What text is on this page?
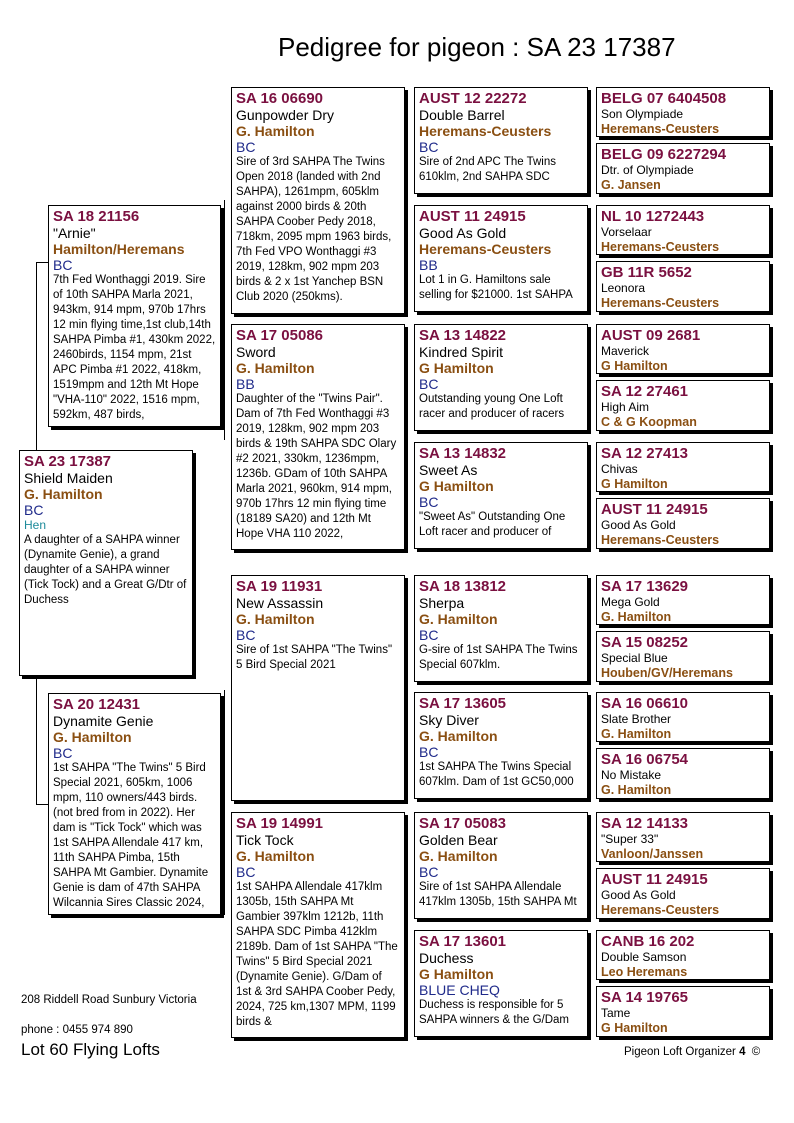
Pedigree for pigeon : SA 23 17387
SA 23 17387
Shield Maiden
G. Hamilton
BC
Hen
A daughter of a SAHPA winner (Dynamite Genie), a grand daughter of a SAHPA winner (Tick Tock) and a Great G/Dtr of Duchess
SA 18 21156
"Arnie"
Hamilton/Heremans
BC
7th Fed Wonthaggi 2019. Sire of 10th SAHPA Marla 2021, 943km, 914 mpm, 970b 17hrs 12 min flying time,1st club,14th SAHPA Pimba #1, 430km 2022, 2460birds, 1154 mpm, 21st APC Pimba #1 2022, 418km, 1519mpm and 12th Mt Hope "VHA-110" 2022, 1516 mpm, 592km, 487 birds,
SA 20 12431
Dynamite Genie
G. Hamilton
BC
1st SAHPA "The Twins" 5 Bird Special 2021, 605km, 1006 mpm, 110 owners/443 birds. (not bred from in 2022). Her dam is "Tick Tock" which was 1st SAHPA Allendale 417 km, 11th SAHPA Pimba, 15th SAHPA Mt Gambier. Dynamite Genie is dam of 47th SAHPA Wilcannia Sires Classic 2024,
SA 16 06690
Gunpowder Dry
G. Hamilton
BC
Sire of 3rd SAHPA The Twins Open 2018 (landed with 2nd SAHPA), 1261mpm, 605klm against 2000 birds & 20th SAHPA Coober Pedy 2018, 718km, 2095 mpm 1963 birds, 7th Fed VPO Wonthaggi #3 2019, 128km, 902 mpm 203 birds & 2 x 1st Yanchep BSN Club 2020 (250kms).
SA 17 05086
Sword
G. Hamilton
BB
Daughter of the "Twins Pair". Dam of 7th Fed Wonthaggi #3 2019, 128km, 902 mpm 203 birds & 19th SAHPA SDC Olary #2 2021, 330km, 1236mpm, 1236b. GDam of 10th SAHPA Marla 2021, 960km, 914 mpm, 970b 17hrs 12 min flying time (18189 SA20) and 12th Mt Hope VHA 110 2022,
SA 19 11931
New Assassin
G. Hamilton
BC
Sire of 1st SAHPA "The Twins" 5 Bird Special 2021
SA 19 14991
Tick Tock
G. Hamilton
BC
1st SAHPA Allendale 417klm 1305b, 15th SAHPA Mt Gambier 397klm 1212b, 11th SAHPA SDC Pimba 412klm 2189b. Dam of 1st SAHPA "The Twins" 5 Bird Special 2021 (Dynamite Genie). G/Dam of 1st & 3rd SAHPA Coober Pedy, 2024, 725 km,1307 MPM, 1199 birds &
AUST 12 22272
Double Barrel
Heremans-Ceusters
BC
Sire of 2nd APC The Twins 610klm, 2nd SAHPA SDC
AUST 11 24915
Good As Gold
Heremans-Ceusters
BB
Lot 1 in G. Hamiltons sale selling for $21000. 1st SAHPA
SA 13 14822
Kindred Spirit
G Hamilton
BC
Outstanding young One Loft racer and producer of racers
SA 13 14832
Sweet As
G Hamilton
BC
"Sweet As" Outstanding One Loft racer and producer of
SA 18 13812
Sherpa
G. Hamilton
BC
G-sire of 1st SAHPA The Twins Special 607klm.
SA 17 13605
Sky Diver
G. Hamilton
BC
1st SAHPA The Twins Special 607klm. Dam of 1st GC50,000
SA 17 05083
Golden Bear
G. Hamilton
BC
Sire of 1st SAHPA Allendale 417klm 1305b, 15th SAHPA Mt
SA 17 13601
Duchess
G Hamilton
BLUE CHEQ
Duchess is responsible for 5 SAHPA winners & the G/Dam
BELG 07 6404508
Son Olympiade
Heremans-Ceusters
BELG 09 6227294
Dtr. of Olympiade
G. Jansen
NL 10 1272443
Vorselaar
Heremans-Ceusters
GB 11R 5652
Leonora
Heremans-Ceusters
AUST 09 2681
Maverick
G Hamilton
SA 12 27461
High Aim
C & G Koopman
SA 12 27413
Chivas
G Hamilton
AUST 11 24915
Good As Gold
Heremans-Ceusters
SA 17 13629
Mega Gold
G. Hamilton
SA 15 08252
Special Blue
Houben/GV/Heremans
SA 16 06610
Slate Brother
G. Hamilton
SA 16 06754
No Mistake
G. Hamilton
SA 12 14133
"Super 33"
Vanloon/Janssen
AUST 11 24915
Good As Gold
Heremans-Ceusters
CANB 16 202
Double Samson
Leo Heremans
SA 14 19765
Tame
G Hamilton
208 Riddell Road Sunbury Victoria
phone : 0455 974 890
Lot 60 Flying Lofts	Pigeon Loft Organizer 4 ©
